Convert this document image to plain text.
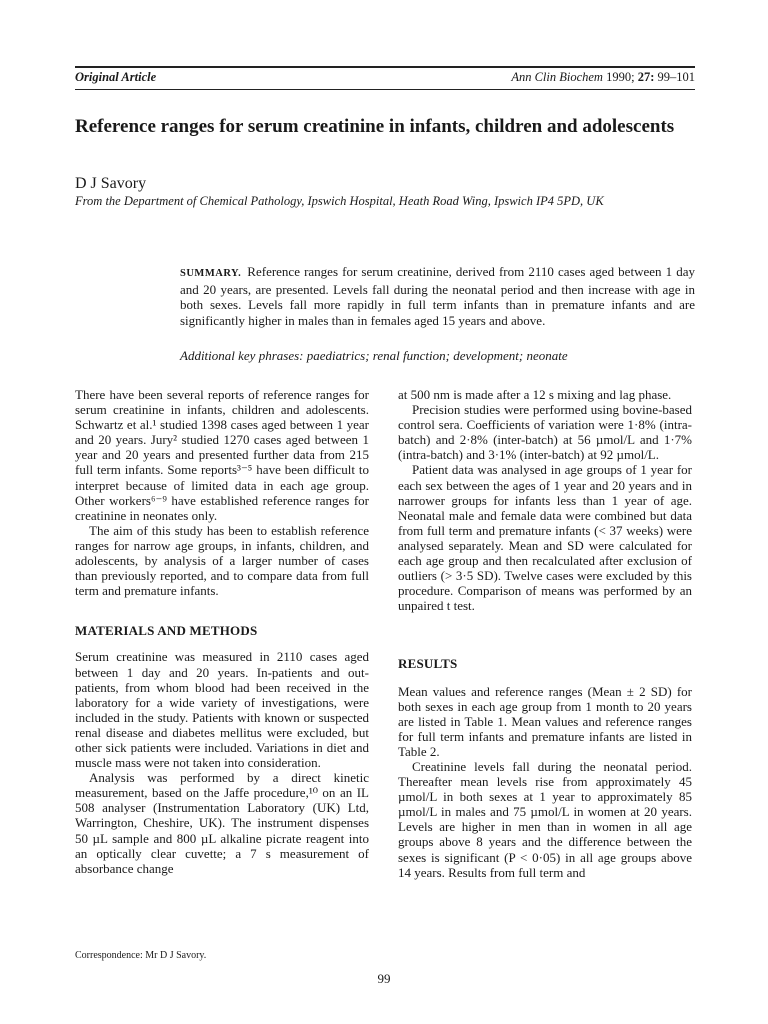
Original Article	Ann Clin Biochem 1990; 27: 99–101
Reference ranges for serum creatinine in infants, children and adolescents
D J Savory
From the Department of Chemical Pathology, Ipswich Hospital, Heath Road Wing, Ipswich IP4 5PD, UK
SUMMARY. Reference ranges for serum creatinine, derived from 2110 cases aged between 1 day and 20 years, are presented. Levels fall during the neonatal period and then increase with age in both sexes. Levels fall more rapidly in full term infants than in premature infants and are significantly higher in males than in females aged 15 years and above.
Additional key phrases: paediatrics; renal function; development; neonate

There have been several reports of reference ranges for serum creatinine in infants, children and adolescents. Schwartz et al.¹ studied 1398 cases aged between 1 year and 20 years. Jury² studied 1270 cases aged between 1 year and 20 years and presented further data from 215 full term infants. Some reports³⁻⁵ have been difficult to interpret because of limited data in each age group. Other workers⁶⁻⁹ have established reference ranges for creatinine in neonates only.

The aim of this study has been to establish reference ranges for narrow age groups, in infants, children, and adolescents, by analysis of a larger number of cases than previously reported, and to compare data from full term and premature infants.

MATERIALS AND METHODS

Serum creatinine was measured in 2110 cases aged between 1 day and 20 years. In-patients and out-patients, from whom blood had been received in the laboratory for a wide variety of investigations, were included in the study. Patients with known or suspected renal disease and diabetes mellitus were excluded, but other sick patients were included. Variations in diet and muscle mass were not taken into consideration.

Analysis was performed by a direct kinetic measurement, based on the Jaffe procedure,¹⁰ on an IL 508 analyser (Instrumentation Laboratory (UK) Ltd, Warrington, Cheshire, UK). The instrument dispenses 50 µL sample and 800 µL alkaline picrate reagent into an optically clear cuvette; a 7 s measurement of absorbance change

at 500 nm is made after a 12 s mixing and lag phase.

Precision studies were performed using bovine-based control sera. Coefficients of variation were 1·8% (intra-batch) and 2·8% (inter-batch) at 56 µmol/L and 1·7% (intra-batch) and 3·1% (inter-batch) at 92 µmol/L.

Patient data was analysed in age groups of 1 year for each sex between the ages of 1 year and 20 years and in narrower groups for infants less than 1 year of age. Neonatal male and female data were combined but data from full term and premature infants (< 37 weeks) were analysed separately. Mean and SD were calculated for each age group and then recalculated after exclusion of outliers (> 3·5 SD). Twelve cases were excluded by this procedure. Comparison of means was performed by an unpaired t test.

RESULTS

Mean values and reference ranges (Mean ± 2 SD) for both sexes in each age group from 1 month to 20 years are listed in Table 1. Mean values and reference ranges for full term infants and premature infants are listed in Table 2.

Creatinine levels fall during the neonatal period. Thereafter mean levels rise from approximately 45 µmol/L in both sexes at 1 year to approximately 85 µmol/L in males and 75 µmol/L in women at 20 years. Levels are higher in men than in women in all age groups above 8 years and the difference between the sexes is significant (P < 0·05) in all age groups above 14 years. Results from full term and

Correspondence: Mr D J Savory.
99
